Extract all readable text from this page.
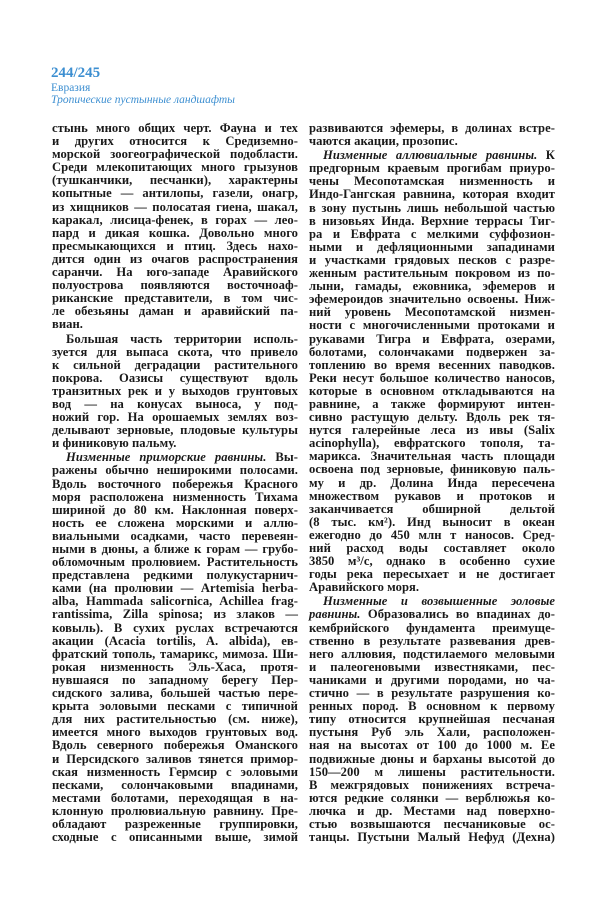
244/245
Евразия
Тропические пустынные ландшафты
стынь много общих черт. Фауна и тех
и других относится к Средиземно-
морской зоогеографической подобласти.
Среди млекопитающих много грызунов
(тушканчики, песчанки), характерны
копытные — антилопы, газели, онагр,
из хищников — полосатая гиена, шакал,
каракал, лисица-фенек, в горах — лео-
пард и дикая кошка. Довольно много
пресмыкающихся и птиц. Здесь нахо-
дится один из очагов распространения
саранчи. На юго-западе Аравийского
полуострова появляются восточноаф-
риканские представители, в том чис-
ле обезьяны даман и аравийский па-
виан.
Большая часть территории исполь-
зуется для выпаса скота, что привело
к сильной деградации растительного
покрова. Оазисы существуют вдоль
транзитных рек и у выходов грунтовых
вод — на конусах выноса, у под-
ножий гор. На орошаемых землях воз-
делывают зерновые, плодовые культуры
и финиковую пальму.
Низменные приморские равнины. Вы-
ражены обычно неширокими полосами.
Вдоль восточного побережья Красного
моря расположена низменность Тихама
шириной до 80 км. Наклонная поверх-
ность ее сложена морскими и аллю-
виальными осадками, часто перевеян-
ными в дюны, а ближе к горам — грубо-
обломочным пролювием. Растительность
представлена редкими полукустарнич-
ками (на пролювии — Artemisia herba-
alba, Hammada salicornica, Achillea frag-
rantissima, Zilla spinosa; из злаков —
ковыль). В сухих руслах встречаются
акации (Acacia tortilis, A. albida), ев-
фратский тополь, тамарикс, мимоза. Ши-
рокая низменность Эль-Хаса, протя-
нувшаяся по западному берегу Пер-
сидского залива, большей частью пере-
крыта эоловыми песками с типичной
для них растительностью (см. ниже),
имеется много выходов грунтовых вод.
Вдоль северного побережья Оманского
и Персидского заливов тянется примор-
ская низменность Гермсир с эоловыми
песками, солончаковыми впадинами,
местами болотами, переходящая в на-
клонную пролювиальную равнину. Пре-
обладают разреженные группировки,
сходные с описанными выше, зимой
развиваются эфемеры, в долинах встре-
чаются акации, прозопис.
Низменные аллювиальные равнины. К
предгорным краевым прогибам приуро-
чены Месопотамская низменность и
Индо-Гангская равнина, которая входит
в зону пустынь лишь небольшой частью
в низовьях Инда. Верхние террасы Тиг-
ра и Евфрата с мелкими суффозион-
ными и дефляционными западинами
и участками грядовых песков с разре-
женным растительным покровом из по-
лыни, гамады, ежовника, эфемеров и
эфемероидов значительно освоены. Ниж-
ний уровень Месопотамской низмен-
ности с многочисленными протоками и
рукавами Тигра и Евфрата, озерами,
болотами, солончаками подвержен за-
топлению во время весенних паводков.
Реки несут большое количество наносов,
которые в основном откладываются на
равнине, а также формируют интен-
сивно растущую дельту. Вдоль рек тя-
нутся галерейные леса из ивы (Salix
acinophylla), евфратского тополя, та-
марикса. Значительная часть площади
освоена под зерновые, финиковую паль-
му и др. Долина Инда пересечена
множеством рукавов и протоков и
заканчивается обширной дельтой
(8 тыс. км²). Инд выносит в океан
ежегодно до 450 млн т наносов. Сред-
ний расход воды составляет около
3850 м³/с, однако в особенно сухие
годы река пересыхает и не достигает
Аравийского моря.
Низменные и возвышенные эоловые
равнины. Образовались во впадинах до-
кембрийского фундамента преимуще-
ственно в результате развевания древ-
него аллювия, подстилаемого меловыми
и палеогеновыми известняками, пес-
чаниками и другими породами, но ча-
стично — в результате разрушения ко-
ренных пород. В основном к первому
типу относится крупнейшая песчаная
пустыня Руб эль Хали, расположен-
ная на высотах от 100 до 1000 м. Ее
подвижные дюны и барханы высотой до
150—200 м лишены растительности.
В межгрядовых понижениях встреча-
ются редкие солянки — верблюжья ко-
лючка и др. Местами над поверхно-
стью возвышаются песчаниковые ос-
танцы. Пустыни Малый Нефуд (Дехна)
